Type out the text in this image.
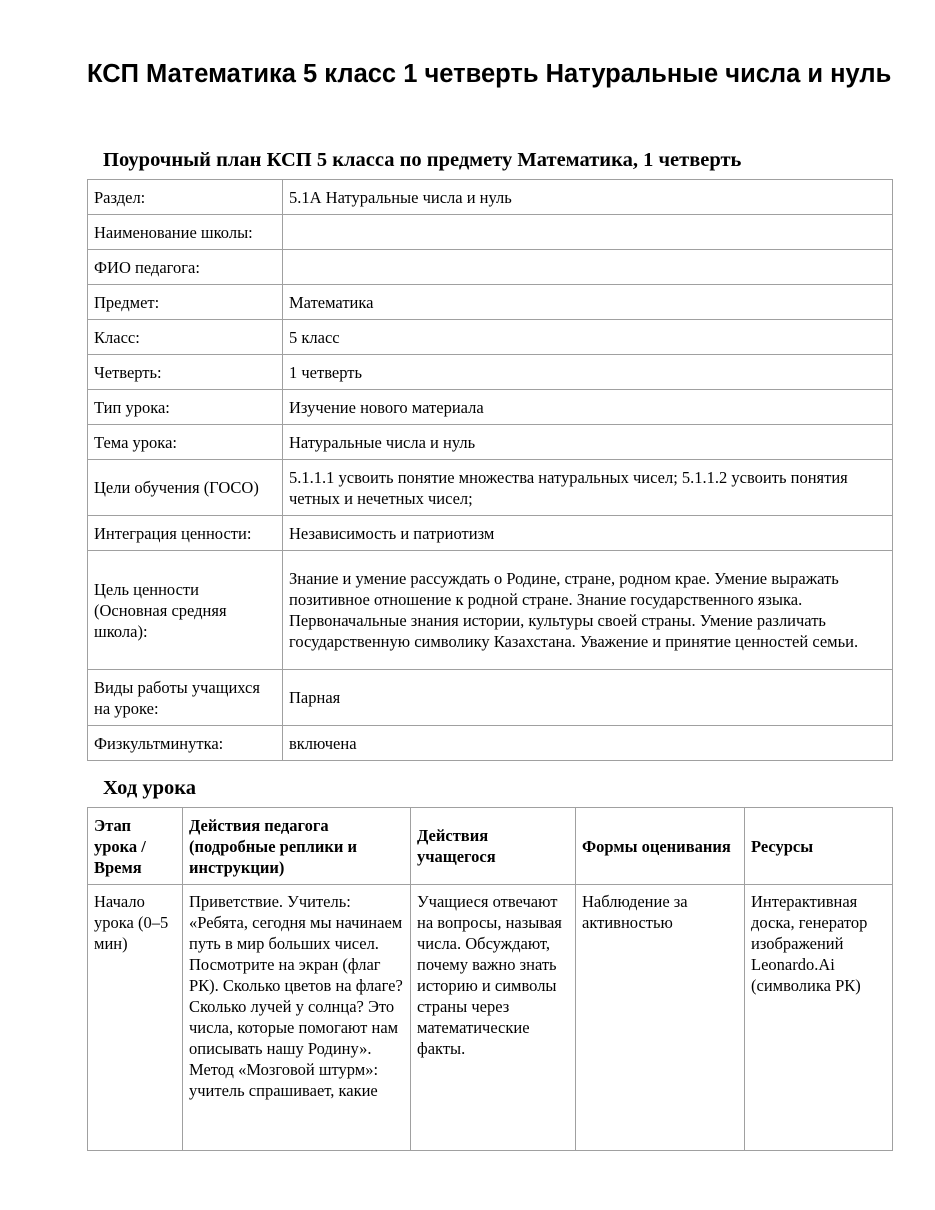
КСП Математика 5 класс 1 четверть Натуральные числа и нуль
Поурочный план КСП 5 класса по предмету Математика, 1 четверть
Раздел:	5.1А Натуральные числа и нуль
Наименование школы:	
ФИО педагога:	
Предмет:	Математика
Класс:	5 класс
Четверть:	1 четверть
Тип урока:	Изучение нового материала
Тема урока:	Натуральные числа и нуль
Цели обучения (ГОСО)	5.1.1.1 усвоить понятие множества натуральных чисел; 5.1.1.2 усвоить понятия четных и нечетных чисел;
Интеграция ценности:	Независимость и патриотизм
Цель ценности (Основная средняя школа):	Знание и умение рассуждать о Родине, стране, родном крае. Умение выражать позитивное отношение к родной стране. Знание государственного языка. Первоначальные знания истории, культуры своей страны. Умение различать государственную символику Казахстана. Уважение и принятие ценностей семьи.
Виды работы учащихся на уроке:	Парная
Физкультминутка:	включена
Ход урока
Этап урока / Время	Действия педагога (подробные реплики и инструкции)	Действия учащегося	Формы оценивания	Ресурсы
Начало урока (0–5 мин)	Приветствие. Учитель: «Ребята, сегодня мы начинаем путь в мир больших чисел. Посмотрите на экран (флаг РК). Сколько цветов на флаге? Сколько лучей у солнца? Это числа, которые помогают нам описывать нашу Родину». Метод «Мозговой штурм»: учитель спрашивает, какие	Учащиеся отвечают на вопросы, называя числа. Обсуждают, почему важно знать историю и символы страны через математические факты.	Наблюдение за активностью	Интерактивная доска, генератор изображений Leonardo.Ai (символика РК)
